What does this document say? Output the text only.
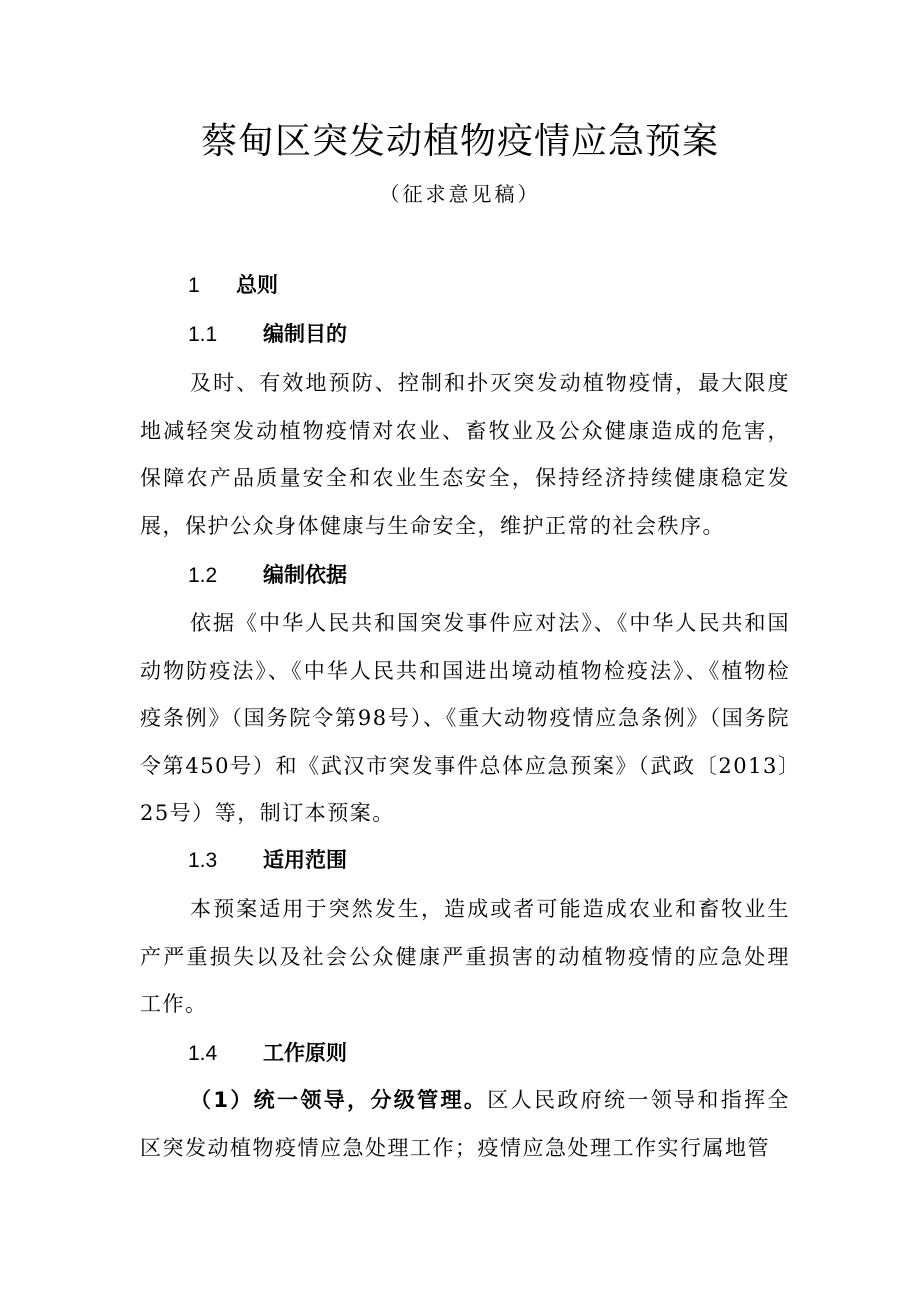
蔡甸区突发动植物疫情应急预案
（征求意见稿）
1 总则
1.1 编制目的

及时、有效地预防、控制和扑灭突发动植物疫情，最大限度地减轻突发动植物疫情对农业、畜牧业及公众健康造成的危害，保障农产品质量安全和农业生态安全，保持经济持续健康稳定发展，保护公众身体健康与生命安全，维护正常的社会秩序。

1.2 编制依据

依据《中华人民共和国突发事件应对法》、《中华人民共和国动物防疫法》、《中华人民共和国进出境动植物检疫法》、《植物检疫条例》（国务院令第98号）、《重大动物疫情应急条例》（国务院令第450号）和《武汉市突发事件总体应急预案》（武政〔2013〕25号）等，制订本预案。

1.3 适用范围

本预案适用于突然发生，造成或者可能造成农业和畜牧业生产严重损失以及社会公众健康严重损害的动植物疫情的应急处理工作。

1.4 工作原则

（1）统一领导，分级管理。区人民政府统一领导和指挥全区突发动植物疫情应急处理工作；疫情应急处理工作实行属地管
